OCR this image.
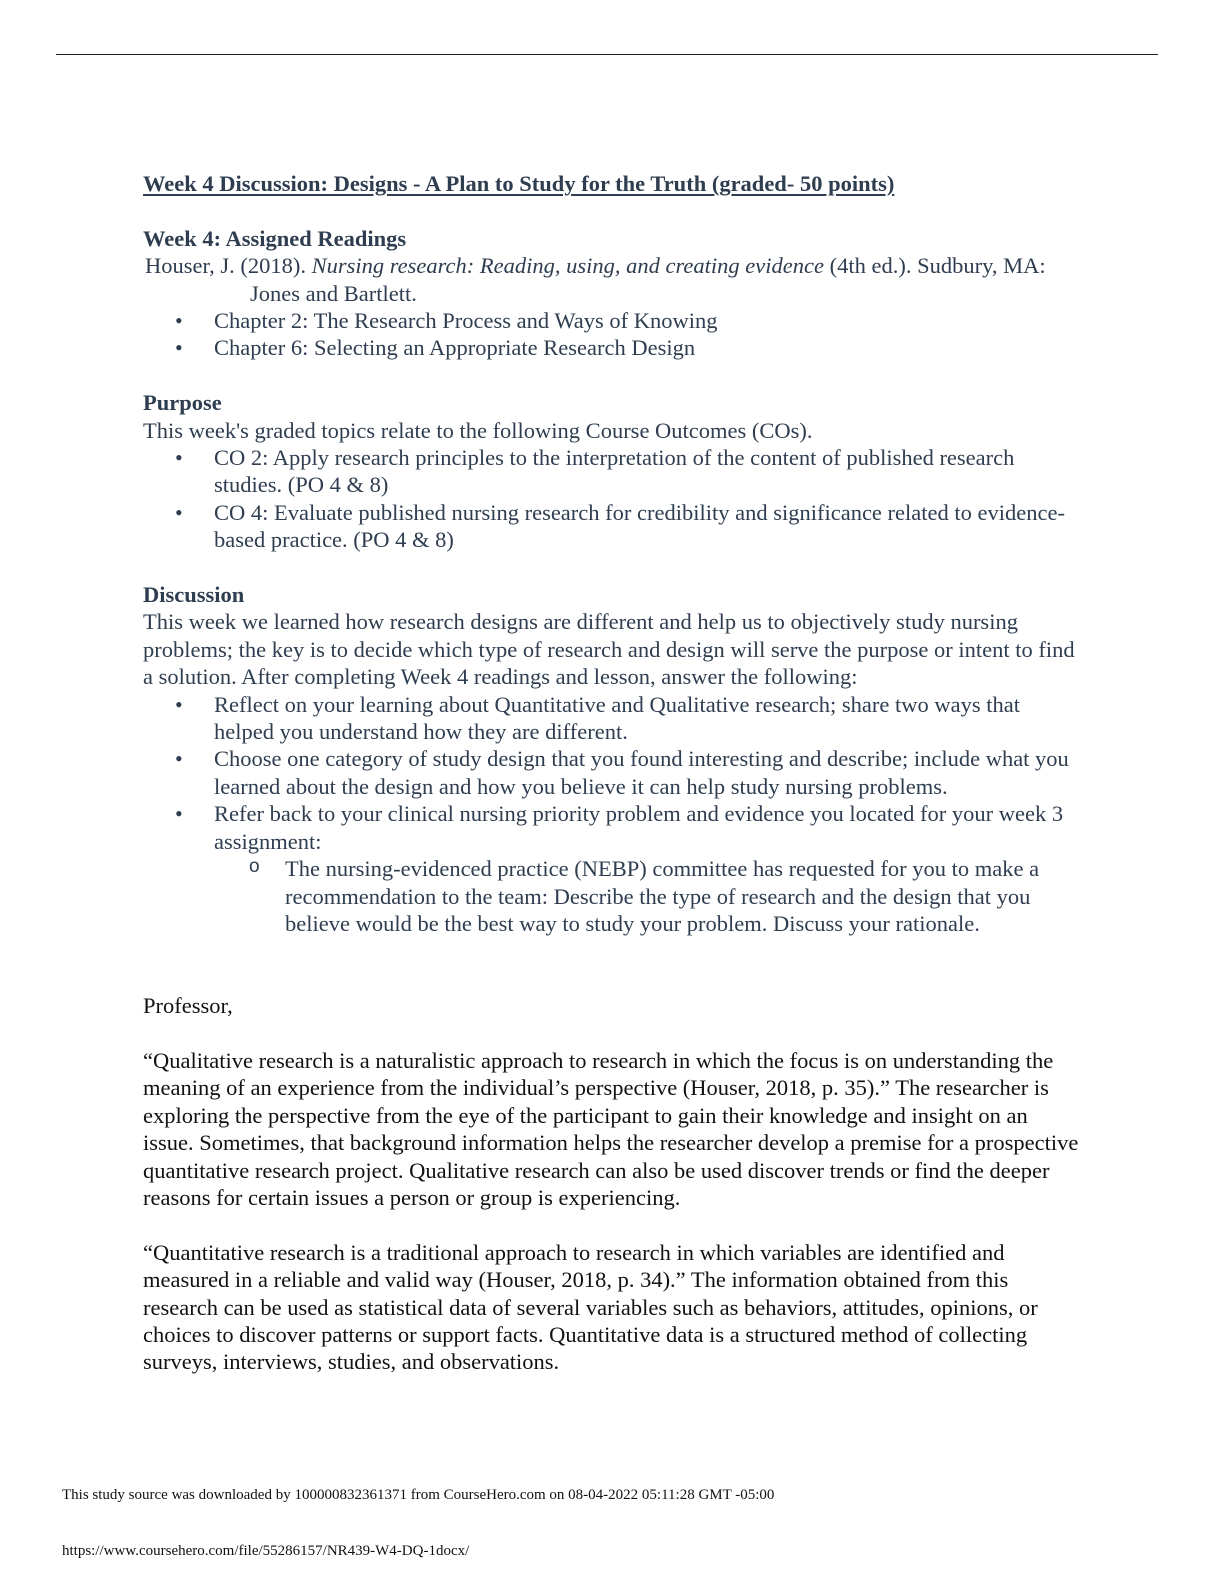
Week 4 Discussion: Designs - A Plan to Study for the Truth (graded- 50 points)

Week 4: Assigned Readings

Houser, J. (2018). Nursing research: Reading, using, and creating evidence (4th ed.). Sudbury, MA: Jones and Bartlett.

• Chapter 2: The Research Process and Ways of Knowing
• Chapter 6: Selecting an Appropriate Research Design

Purpose

This week's graded topics relate to the following Course Outcomes (COs).

• CO 2: Apply research principles to the interpretation of the content of published research studies. (PO 4 & 8)
• CO 4: Evaluate published nursing research for credibility and significance related to evidence-based practice. (PO 4 & 8)

Discussion

This week we learned how research designs are different and help us to objectively study nursing problems; the key is to decide which type of research and design will serve the purpose or intent to find a solution. After completing Week 4 readings and lesson, answer the following:

• Reflect on your learning about Quantitative and Qualitative research; share two ways that helped you understand how they are different.
• Choose one category of study design that you found interesting and describe; include what you learned about the design and how you believe it can help study nursing problems.
• Refer back to your clinical nursing priority problem and evidence you located for your week 3 assignment:
o The nursing-evidenced practice (NEBP) committee has requested for you to make a recommendation to the team: Describe the type of research and the design that you believe would be the best way to study your problem. Discuss your rationale.

Professor,

“Qualitative research is a naturalistic approach to research in which the focus is on understanding the meaning of an experience from the individual’s perspective (Houser, 2018, p. 35).” The researcher is exploring the perspective from the eye of the participant to gain their knowledge and insight on an issue. Sometimes, that background information helps the researcher develop a premise for a prospective quantitative research project. Qualitative research can also be used discover trends or find the deeper reasons for certain issues a person or group is experiencing.

“Quantitative research is a traditional approach to research in which variables are identified and measured in a reliable and valid way (Houser, 2018, p. 34).” The information obtained from this research can be used as statistical data of several variables such as behaviors, attitudes, opinions, or choices to discover patterns or support facts. Quantitative data is a structured method of collecting surveys, interviews, studies, and observations.

This study source was downloaded by 100000832361371 from CourseHero.com on 08-04-2022 05:11:28 GMT -05:00
https://www.coursehero.com/file/55286157/NR439-W4-DQ-1docx/
